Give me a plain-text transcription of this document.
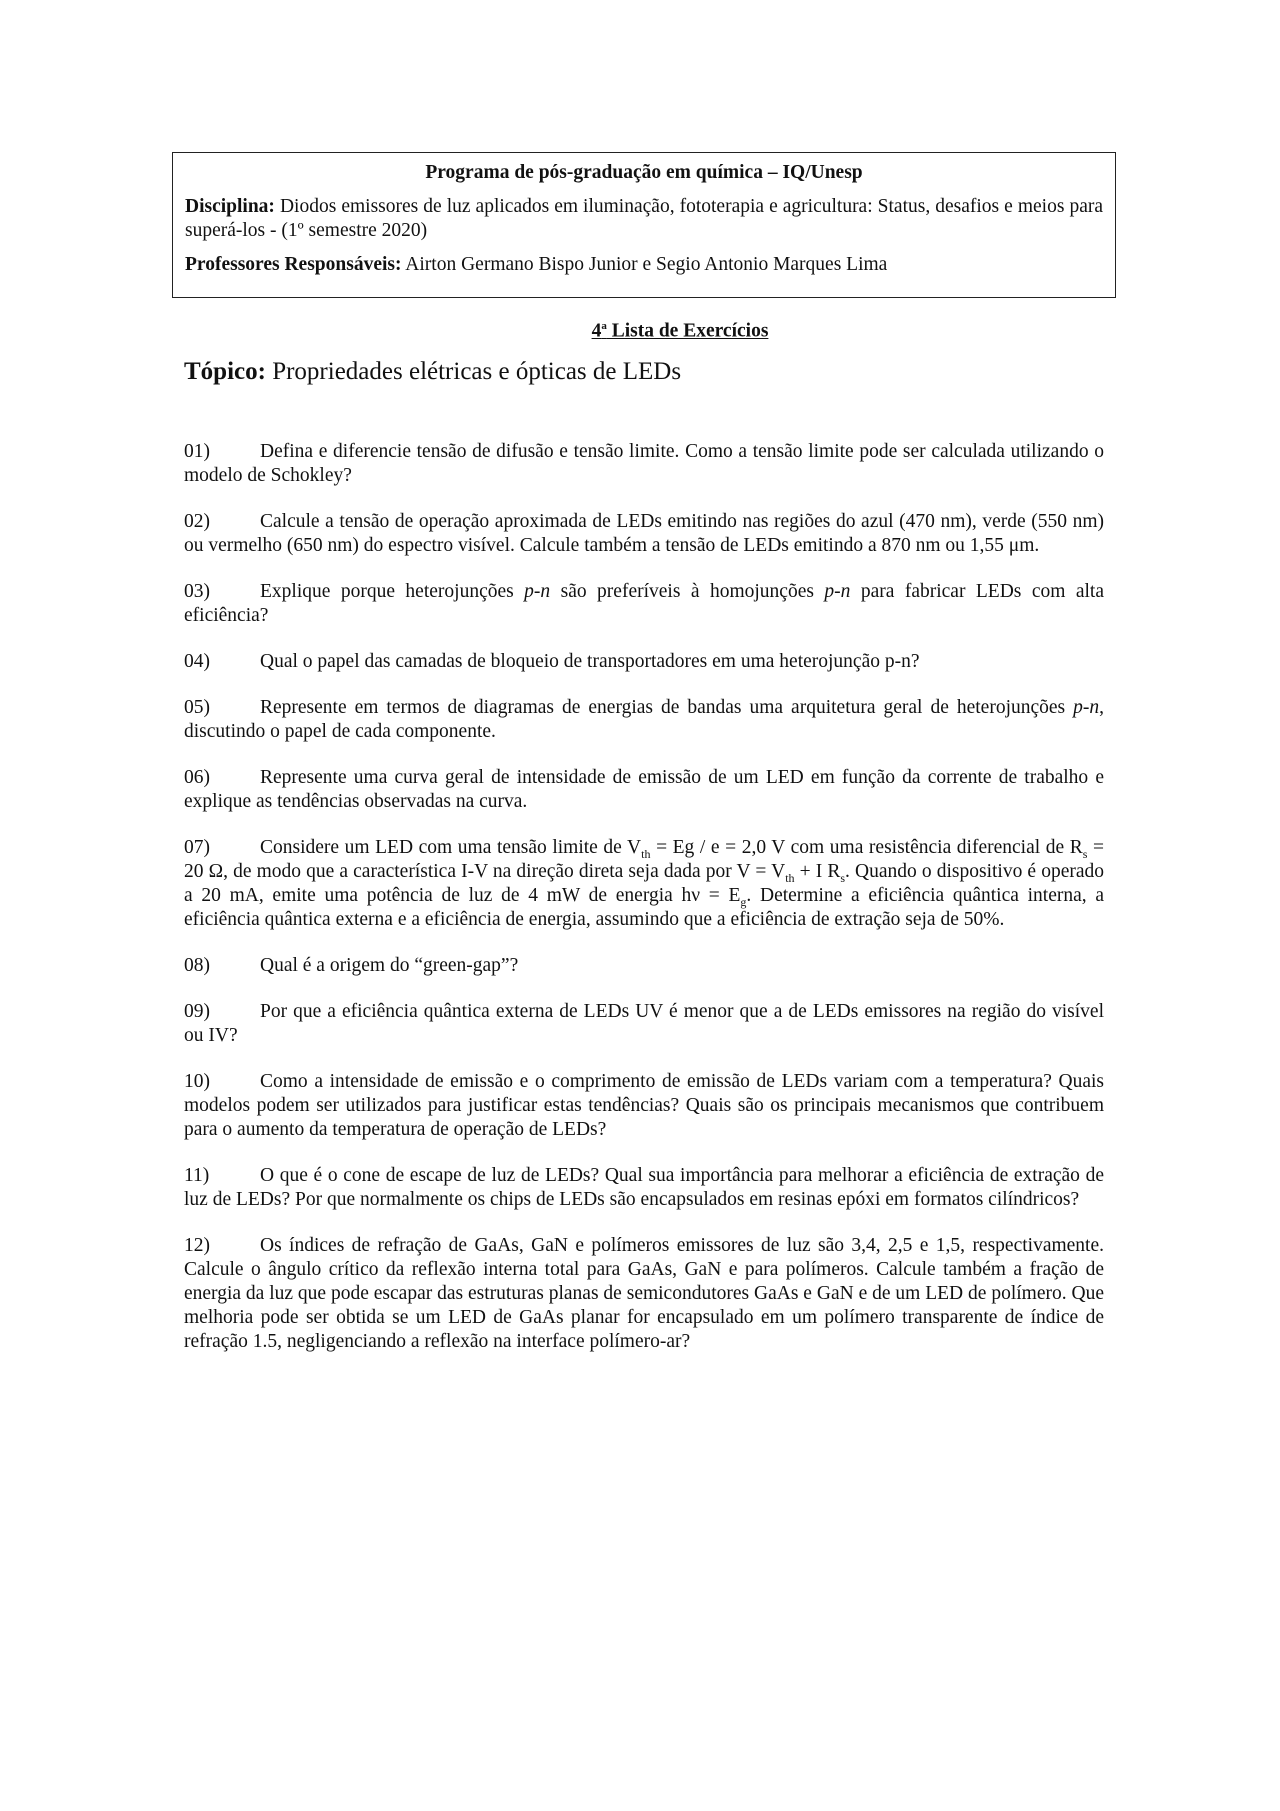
Programa de pós-graduação em química – IQ/Unesp
Disciplina: Diodos emissores de luz aplicados em iluminação, fototerapia e agricultura: Status, desafios e meios para superá-los - (1º semestre 2020)
Professores Responsáveis: Airton Germano Bispo Junior e Segio Antonio Marques Lima
4$^a$ Lista de Exercícios
Tópico: Propriedades elétricas e ópticas de LEDs

01)	Defina e diferencie tensão de difusão e tensão limite. Como a tensão limite pode ser calculada utilizando o modelo de Schokley?

02)	Calcule a tensão de operação aproximada de LEDs emitindo nas regiões do azul (470 nm), verde (550 nm) ou vermelho (650 nm) do espectro visível. Calcule também a tensão de LEDs emitindo a 870 nm ou 1,55 μm.

03)	Explique porque heterojunções p-n são preferíveis à homojunções p-n para fabricar LEDs com alta eficiência?

04)	Qual o papel das camadas de bloqueio de transportadores em uma heterojunção p-n?

05)	Represente em termos de diagramas de energias de bandas uma arquitetura geral de heterojunções p-n, discutindo o papel de cada componente.

06)	Represente uma curva geral de intensidade de emissão de um LED em função da corrente de trabalho e explique as tendências observadas na curva.

07)	Considere um LED com uma tensão limite de $V_{th} = Eg / e = 2,0$ V com uma resistência diferencial de $R_s = 20$ Ω, de modo que a característica I-V na direção direta seja dada por $V = V_{th} + I$ $R_s$. Quando o dispositivo é operado a 20 mA, emite uma potência de luz de 4 mW de energia $h\nu = E_g$. Determine a eficiência quântica interna, a eficiência quântica externa e a eficiência de energia, assumindo que a eficiência de extração seja de 50%.

08)	Qual é a origem do “green-gap”?

09)	Por que a eficiência quântica externa de LEDs UV é menor que a de LEDs emissores na região do visível ou IV?

10)	Como a intensidade de emissão e o comprimento de emissão de LEDs variam com a temperatura? Quais modelos podem ser utilizados para justificar estas tendências? Quais são os principais mecanismos que contribuem para o aumento da temperatura de operação de LEDs?

11)	O que é o cone de escape de luz de LEDs? Qual sua importância para melhorar a eficiência de extração de luz de LEDs? Por que normalmente os chips de LEDs são encapsulados em resinas epóxi em formatos cilíndricos?

12)	Os índices de refração de GaAs, GaN e polímeros emissores de luz são 3,4, 2,5 e 1,5, respectivamente. Calcule o ângulo crítico da reflexão interna total para GaAs, GaN e para polímeros. Calcule também a fração de energia da luz que pode escapar das estruturas planas de semicondutores GaAs e GaN e de um LED de polímero. Que melhoria pode ser obtida se um LED de GaAs planar for encapsulado em um polímero transparente de índice de refração 1.5, negligenciando a reflexão na interface polímero-ar?
